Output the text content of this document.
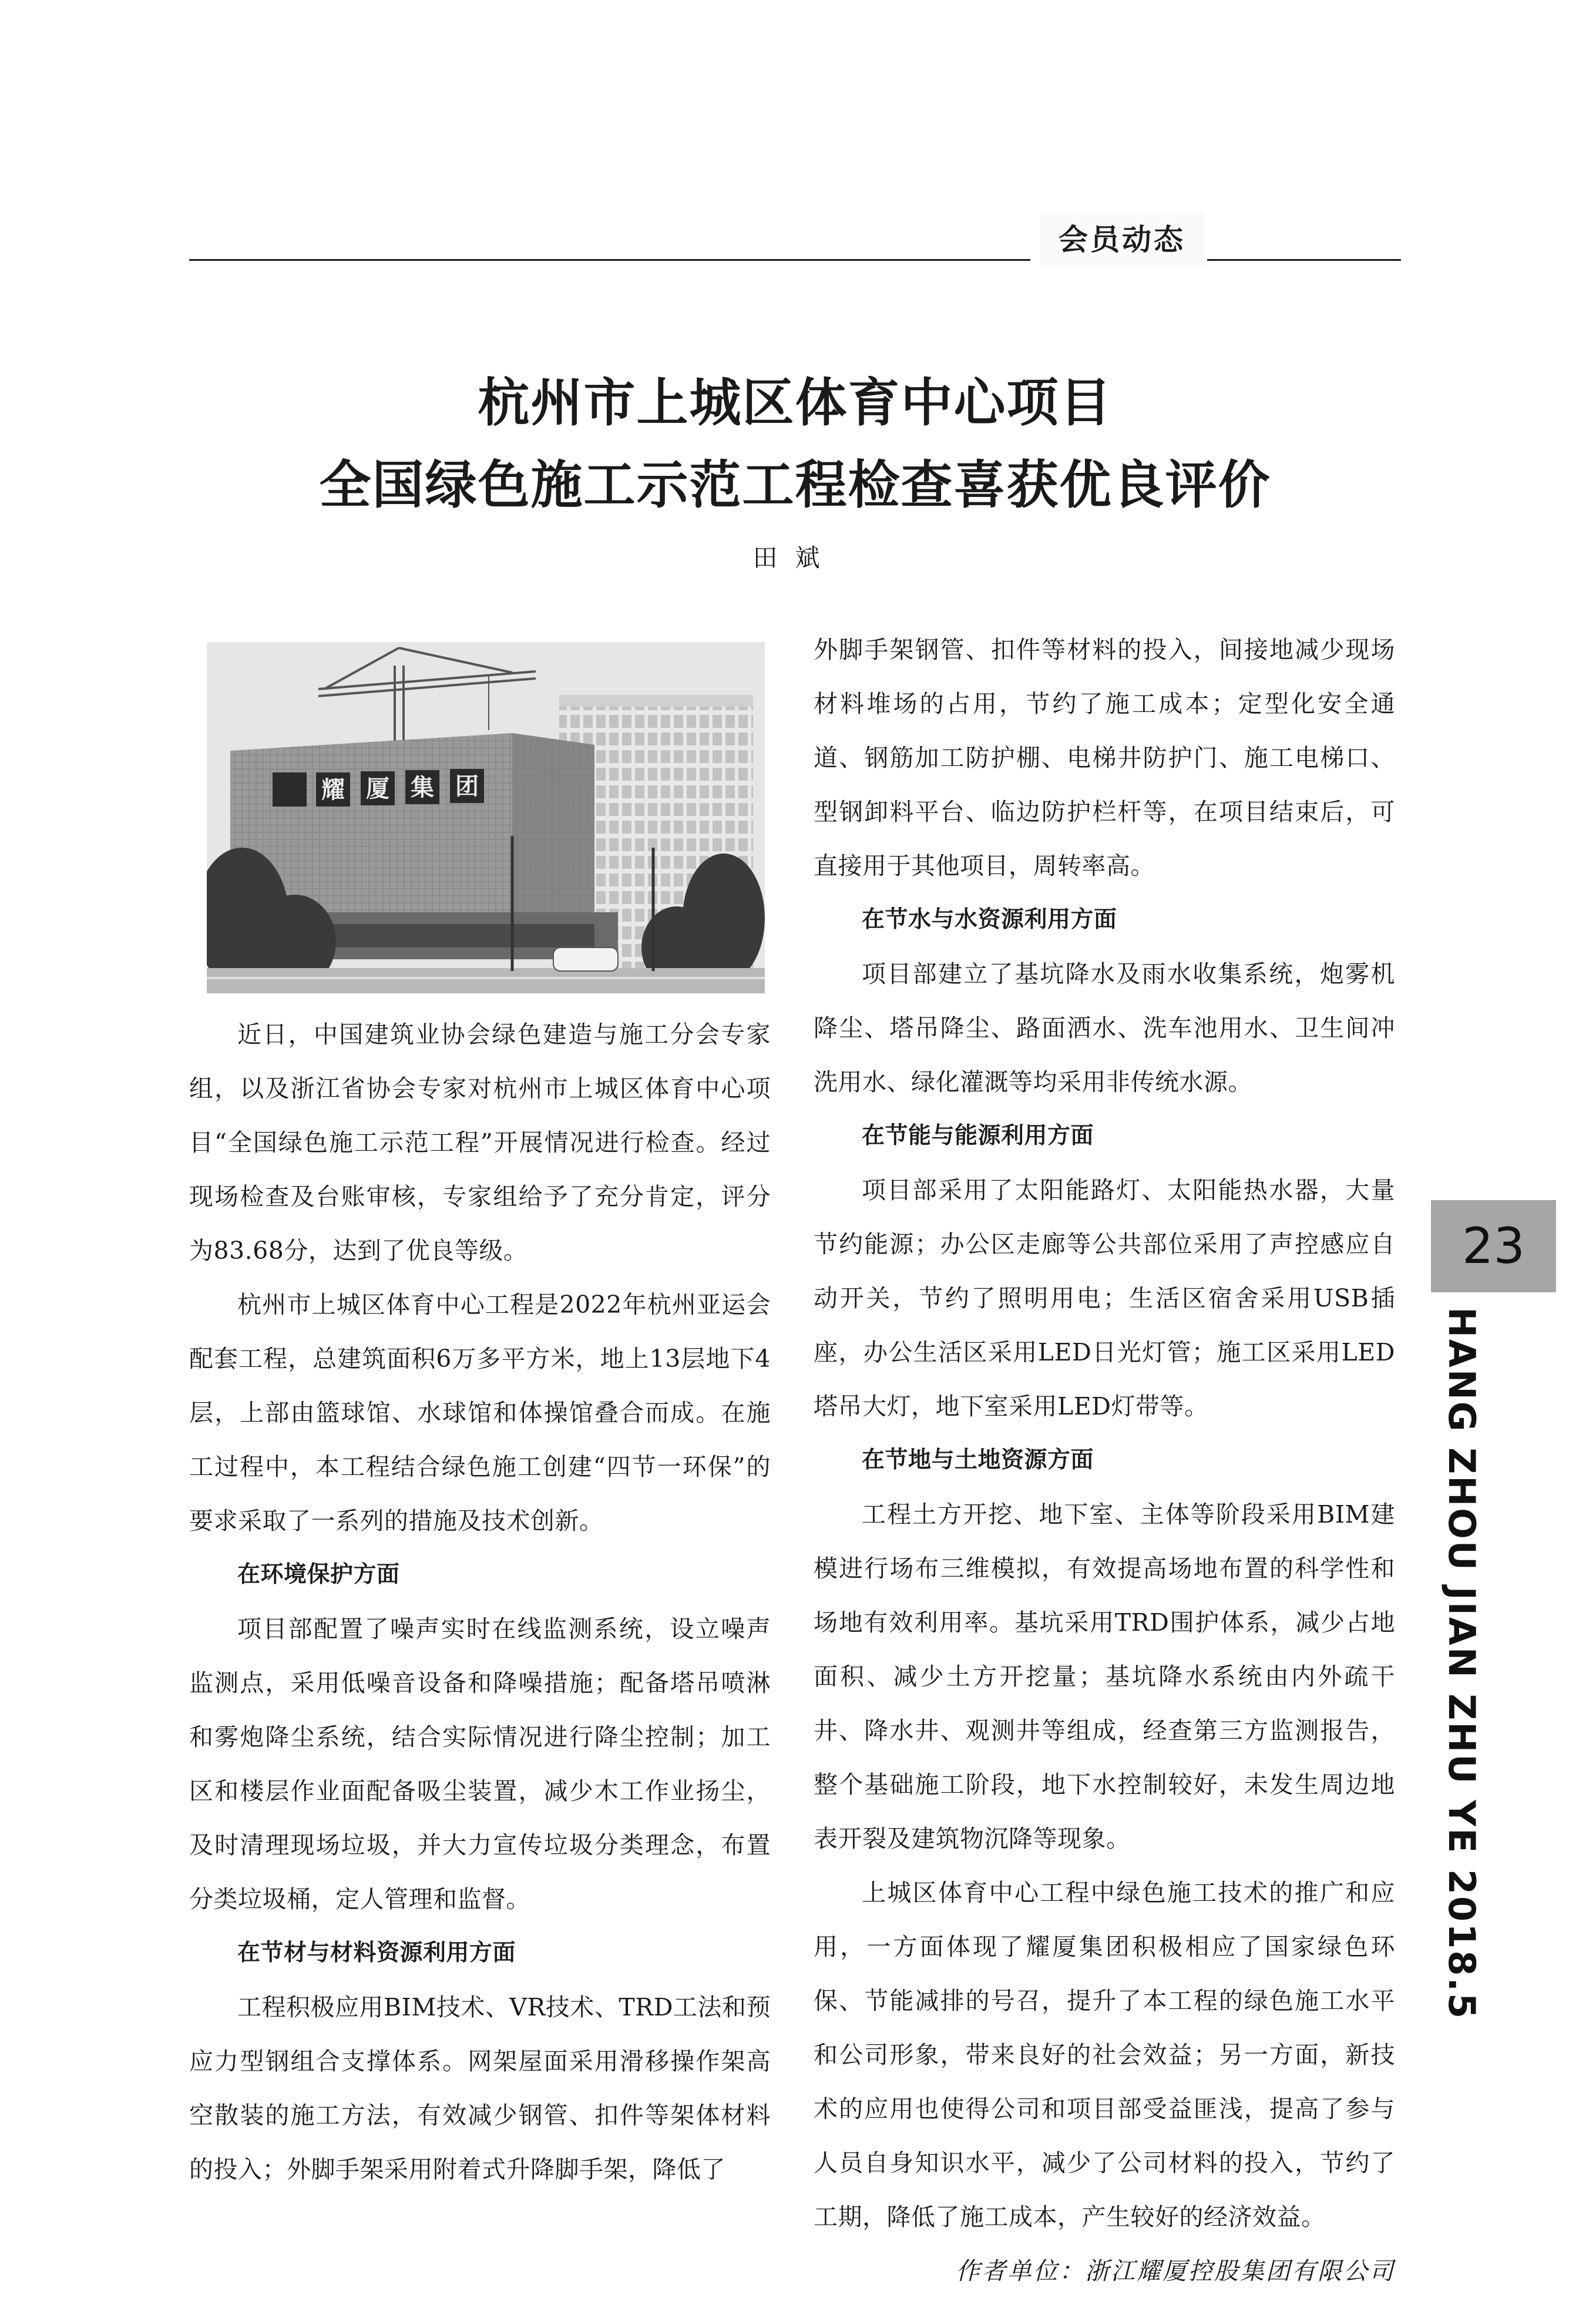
会员动态
杭州市上城区体育中心项目
全国绿色施工示范工程检查喜获优良评价
田斌
耀 厦 集 团

近日，中国建筑业协会绿色建造与施工分会专家组，以及浙江省协会专家对杭州市上城区体育中心项目“全国绿色施工示范工程”开展情况进行检查。经过现场检查及台账审核，专家组给予了充分肯定，评分为83.68分，达到了优良等级。

杭州市上城区体育中心工程是2022年杭州亚运会配套工程，总建筑面积6万多平方米，地上13层地下4层，上部由篮球馆、水球馆和体操馆叠合而成。在施工过程中，本工程结合绿色施工创建“四节一环保”的要求采取了一系列的措施及技术创新。

在环境保护方面

项目部配置了噪声实时在线监测系统，设立噪声监测点，采用低噪音设备和降噪措施；配备塔吊喷淋和雾炮降尘系统，结合实际情况进行降尘控制；加工区和楼层作业面配备吸尘装置，减少木工作业扬尘，及时清理现场垃圾，并大力宣传垃圾分类理念，布置分类垃圾桶，定人管理和监督。

在节材与材料资源利用方面

工程积极应用BIM技术、VR技术、TRD工法和预应力型钢组合支撑体系。网架屋面采用滑移操作架高空散装的施工方法，有效减少钢管、扣件等架体材料的投入；外脚手架采用附着式升降脚手架，降低了

外脚手架钢管、扣件等材料的投入，间接地减少现场材料堆场的占用，节约了施工成本；定型化安全通道、钢筋加工防护棚、电梯井防护门、施工电梯口、型钢卸料平台、临边防护栏杆等，在项目结束后，可直接用于其他项目，周转率高。

在节水与水资源利用方面

项目部建立了基坑降水及雨水收集系统，炮雾机降尘、塔吊降尘、路面洒水、洗车池用水、卫生间冲洗用水、绿化灌溉等均采用非传统水源。

在节能与能源利用方面

项目部采用了太阳能路灯、太阳能热水器，大量节约能源；办公区走廊等公共部位采用了声控感应自动开关，节约了照明用电；生活区宿舍采用USB插座，办公生活区采用LED日光灯管；施工区采用LED塔吊大灯，地下室采用LED灯带等。

在节地与土地资源方面

工程土方开挖、地下室、主体等阶段采用BIM建模进行场布三维模拟，有效提高场地布置的科学性和场地有效利用率。基坑采用TRD围护体系，减少占地面积、减少土方开挖量；基坑降水系统由内外疏干井、降水井、观测井等组成，经查第三方监测报告，整个基础施工阶段，地下水控制较好，未发生周边地表开裂及建筑物沉降等现象。

上城区体育中心工程中绿色施工技术的推广和应用，一方面体现了耀厦集团积极相应了国家绿色环保、节能减排的号召，提升了本工程的绿色施工水平和公司形象，带来良好的社会效益；另一方面，新技术的应用也使得公司和项目部受益匪浅，提高了参与人员自身知识水平，减少了公司材料的投入，节约了工期，降低了施工成本，产生较好的经济效益。

作者单位：浙江耀厦控股集团有限公司

23
HANG ZHOU JIAN ZHU YE 2018.5
